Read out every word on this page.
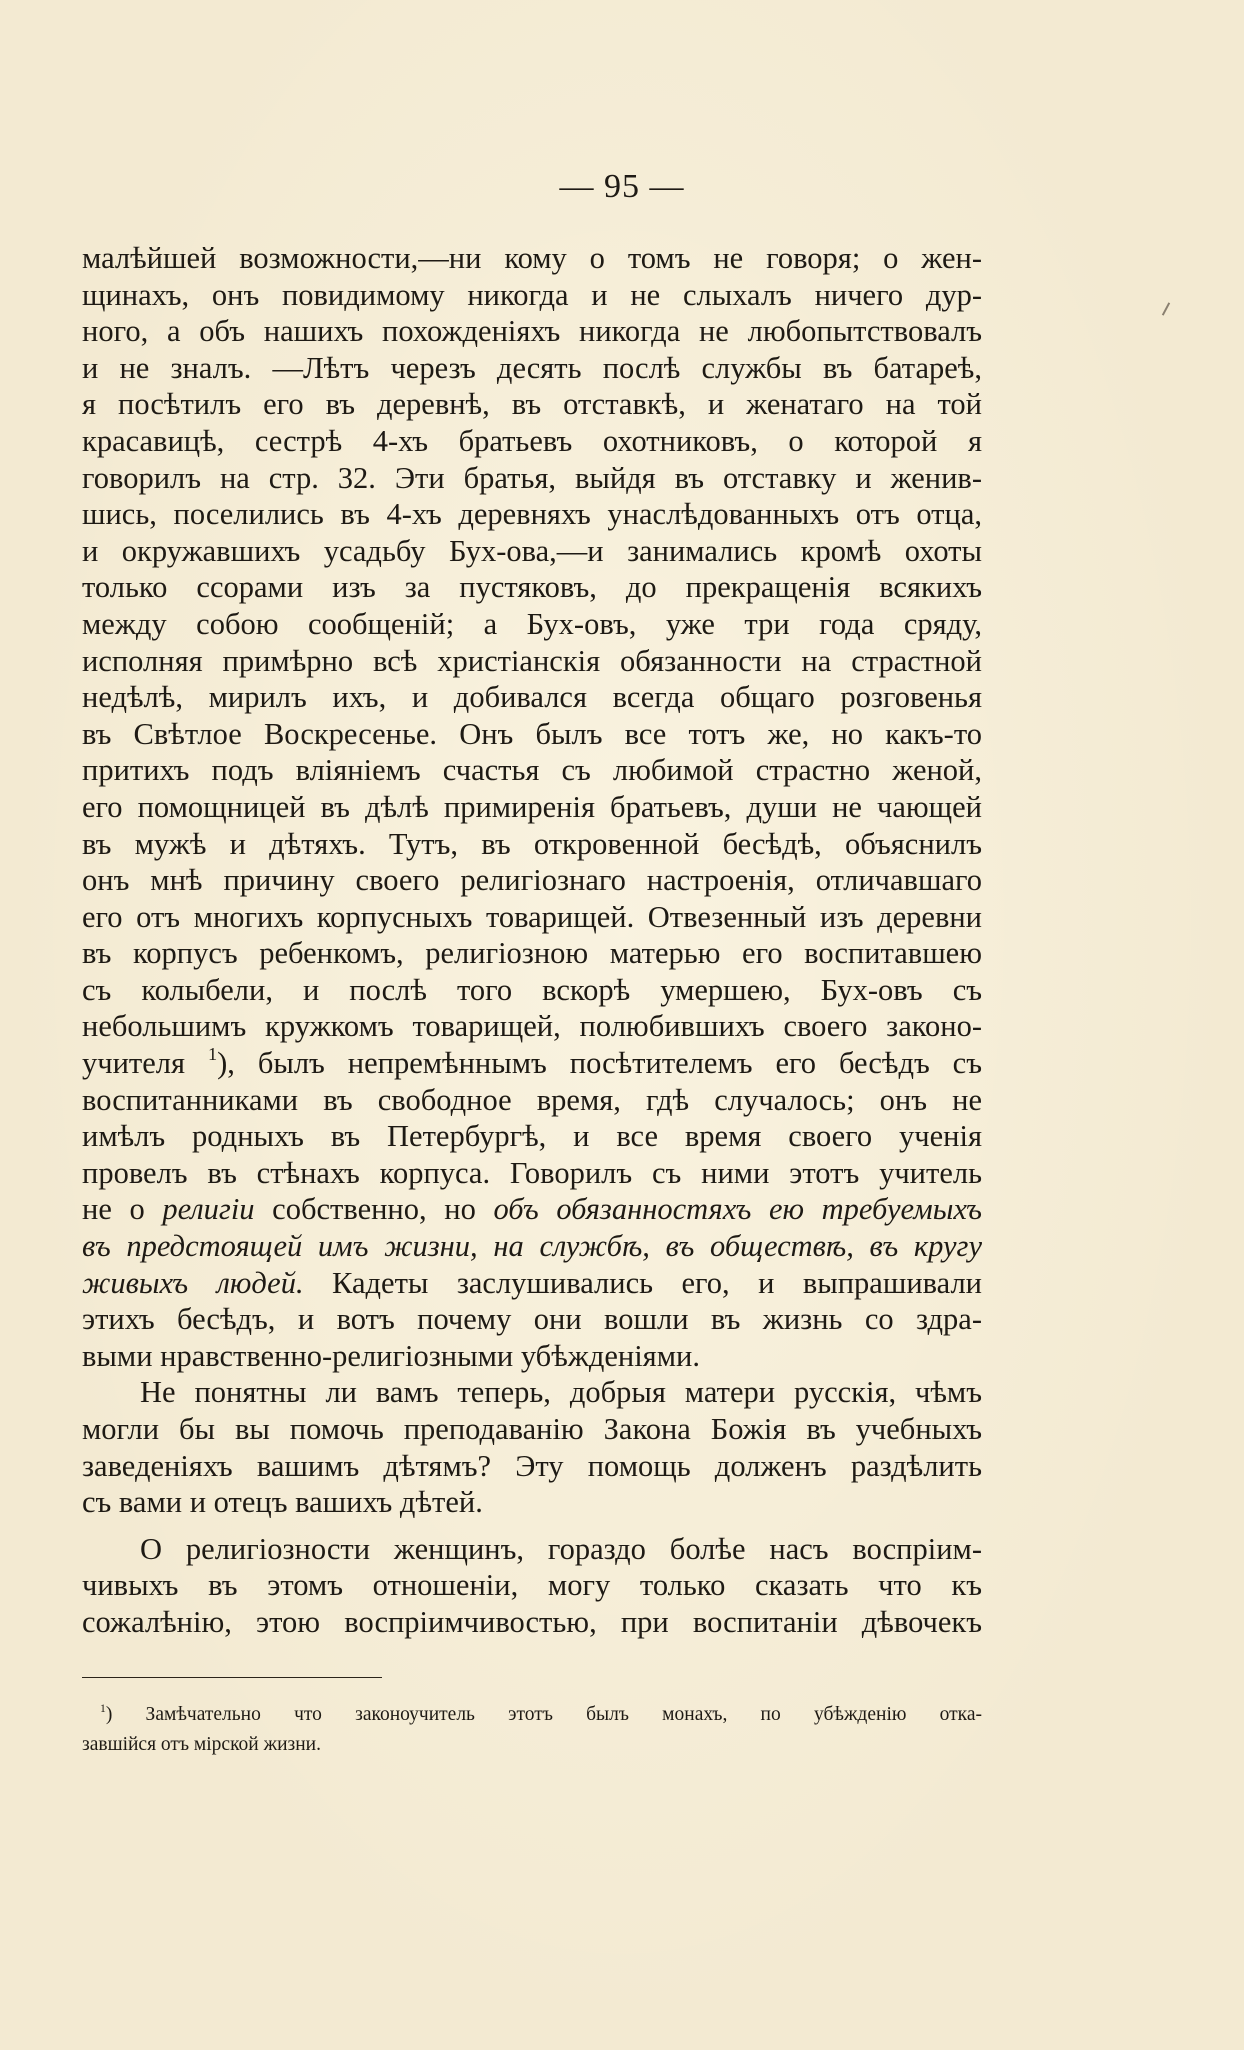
— 95 —
малѣйшей возможности,—ни кому о томъ не говоря; о жен-
щинахъ, онъ повидимому никогда и не слыхалъ ничего дур-
ного, а объ нашихъ похожденіяхъ никогда не любопытствовалъ
и не зналъ. —Лѣтъ черезъ десять послѣ службы въ батареѣ,
я посѣтилъ его въ деревнѣ, въ отставкѣ, и женатаго на той
красавицѣ, сестрѣ 4-хъ братьевъ охотниковъ, о которой я
говорилъ на стр. 32. Эти братья, выйдя въ отставку и женив-
шись, поселились въ 4-хъ деревняхъ унаслѣдованныхъ отъ отца,
и окружавшихъ усадьбу Бух-ова,—и занимались кромѣ охоты
только ссорами изъ за пустяковъ, до прекращенія всякихъ
между собою сообщеній; а Бух-овъ, уже три года сряду,
исполняя примѣрно всѣ христіанскія обязанности на страстной
недѣлѣ, мирилъ ихъ, и добивался всегда общаго розговенья
въ Свѣтлое Воскресенье. Онъ былъ все тотъ же, но какъ-то
притихъ подъ вліяніемъ счастья съ любимой страстно женой,
его помощницей въ дѣлѣ примиренія братьевъ, души не чающей
въ мужѣ и дѣтяхъ. Тутъ, въ откровенной бесѣдѣ, объяснилъ
онъ мнѣ причину своего религіознаго настроенія, отличавшаго
его отъ многихъ корпусныхъ товарищей. Отвезенный изъ деревни
въ корпусъ ребенкомъ, религіозною матерью его воспитавшею
съ колыбели, и послѣ того вскорѣ умершею, Бух-овъ съ
небольшимъ кружкомъ товарищей, полюбившихъ своего законо-
учителя $^1$), былъ непремѣннымъ посѣтителемъ его бесѣдъ съ
воспитанниками въ свободное время, гдѣ случалось; онъ не
имѣлъ родныхъ въ Петербургѣ, и все время своего ученія
провелъ въ стѣнахъ корпуса. Говорилъ съ ними этотъ учитель
не о религіи собственно, но объ обязанностяхъ ею требуемыхъ
въ предстоящей имъ жизни, на службѣ, въ обществѣ, въ кругу
живыхъ людей. Кадеты заслушивались его, и выпрашивали
этихъ бесѣдъ, и вотъ почему они вошли въ жизнь со здра-
выми нравственно-религіозными убѣжденіями.
Не понятны ли вамъ теперь, добрыя матери русскія, чѣмъ
могли бы вы помочь преподаванію Закона Божія въ учебныхъ
заведеніяхъ вашимъ дѣтямъ? Эту помощь долженъ раздѣлить
съ вами и отецъ вашихъ дѣтей.
О религіозности женщинъ, гораздо болѣе насъ воспріим-
чивыхъ въ этомъ отношеніи, могу только сказать что къ
сожалѣнію, этою воспріимчивостью, при воспитаніи дѣвочекъ
$^1$) Замѣчательно что законоучитель этотъ былъ монахъ, по убѣжденію отка-
завшійся отъ мірской жизни.
